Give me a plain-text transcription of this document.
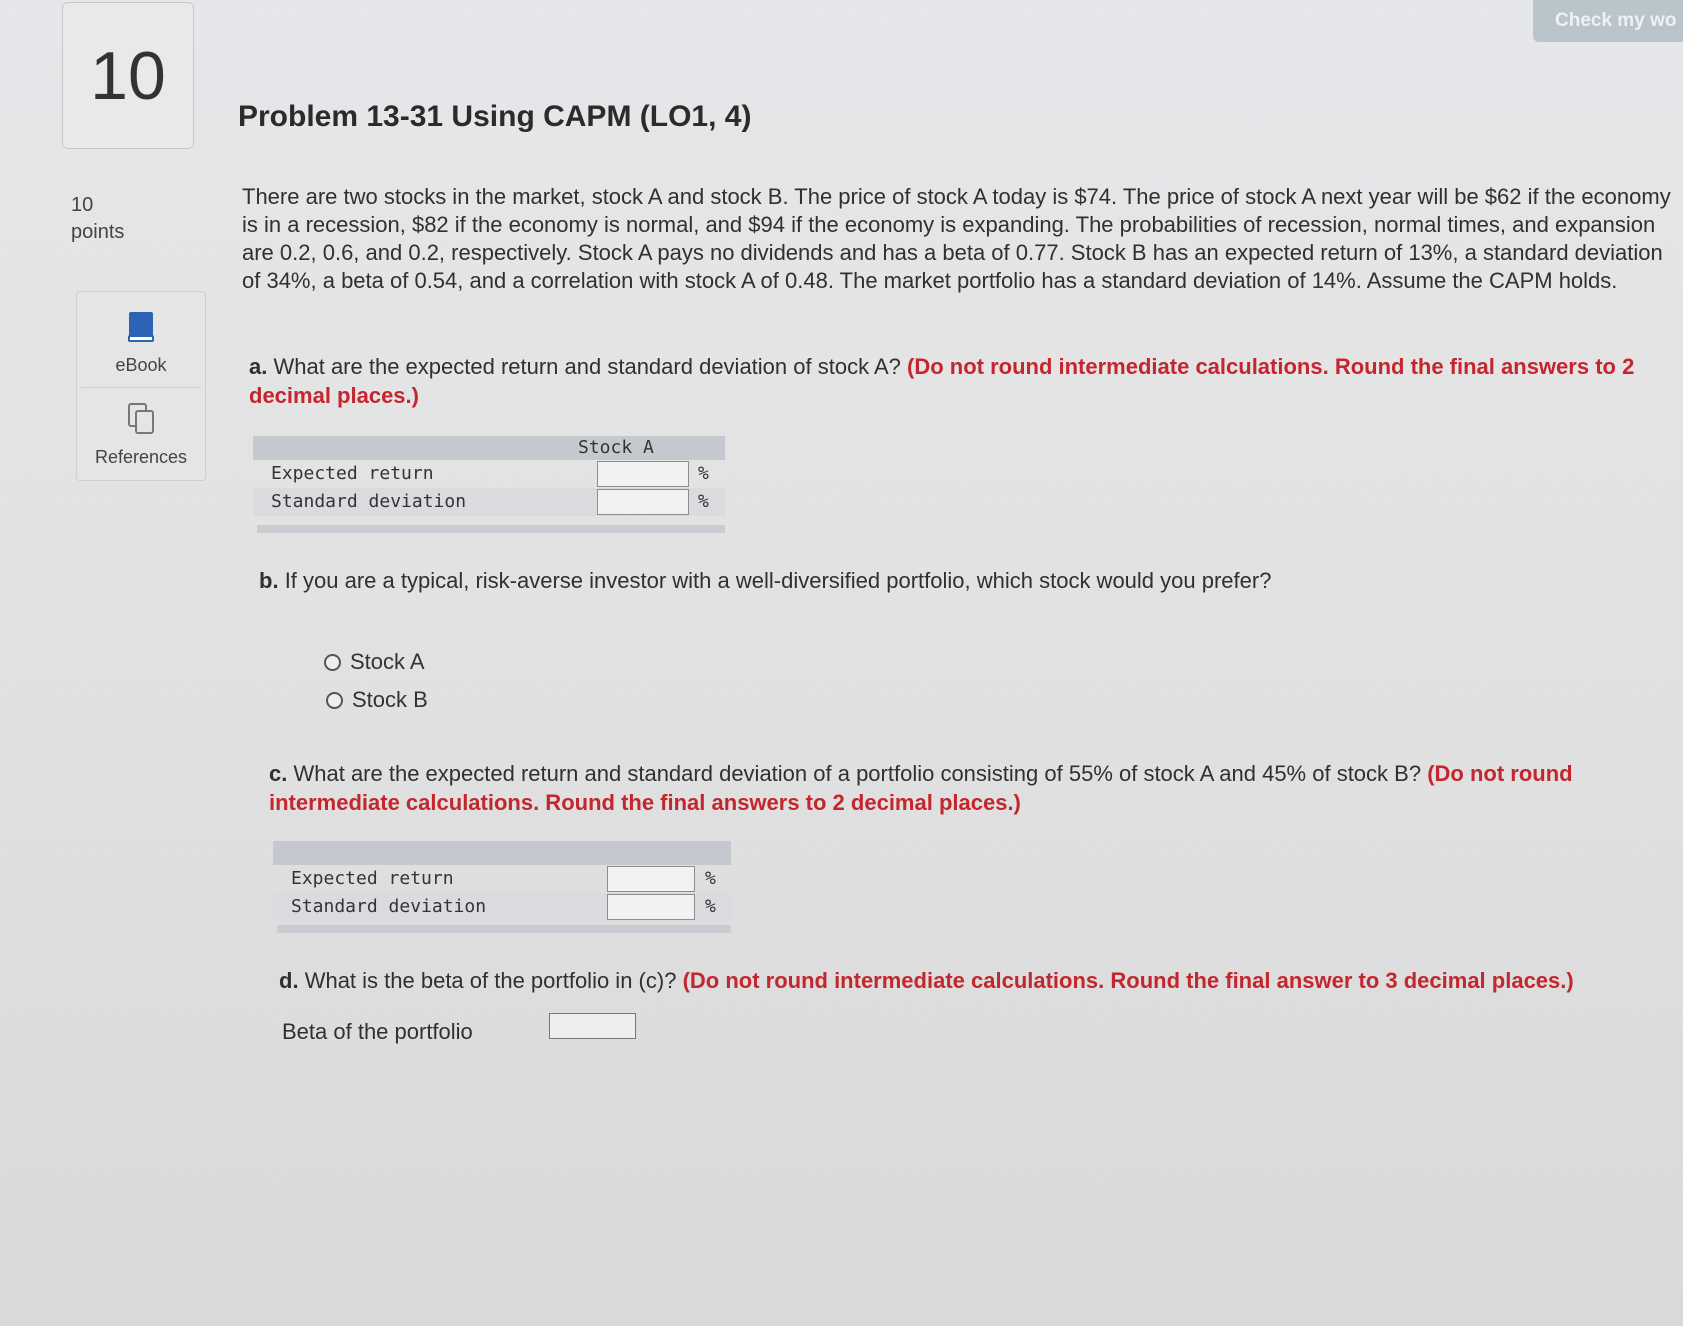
Check my wo
10
10
points
eBook
References
Problem 13-31 Using CAPM (LO1, 4)
There are two stocks in the market, stock A and stock B. The price of stock A today is $74. The price of stock A next year will be $62 if the economy is in a recession, $82 if the economy is normal, and $94 if the economy is expanding. The probabilities of recession, normal times, and expansion are 0.2, 0.6, and 0.2, respectively. Stock A pays no dividends and has a beta of 0.77. Stock B has an expected return of 13%, a standard deviation of 34%, a beta of 0.54, and a correlation with stock A of 0.48. The market portfolio has a standard deviation of 14%. Assume the CAPM holds.
a. What are the expected return and standard deviation of stock A? (Do not round intermediate calculations. Round the final answers to 2 decimal places.)
Stock A
Expected return
Standard deviation
%
%
b. If you are a typical, risk-averse investor with a well-diversified portfolio, which stock would you prefer?
Stock A
Stock B
c. What are the expected return and standard deviation of a portfolio consisting of 55% of stock A and 45% of stock B? (Do not round intermediate calculations. Round the final answers to 2 decimal places.)
Expected return
Standard deviation
%
%
d. What is the beta of the portfolio in (c)? (Do not round intermediate calculations. Round the final answer to 3 decimal places.)
Beta of the portfolio
